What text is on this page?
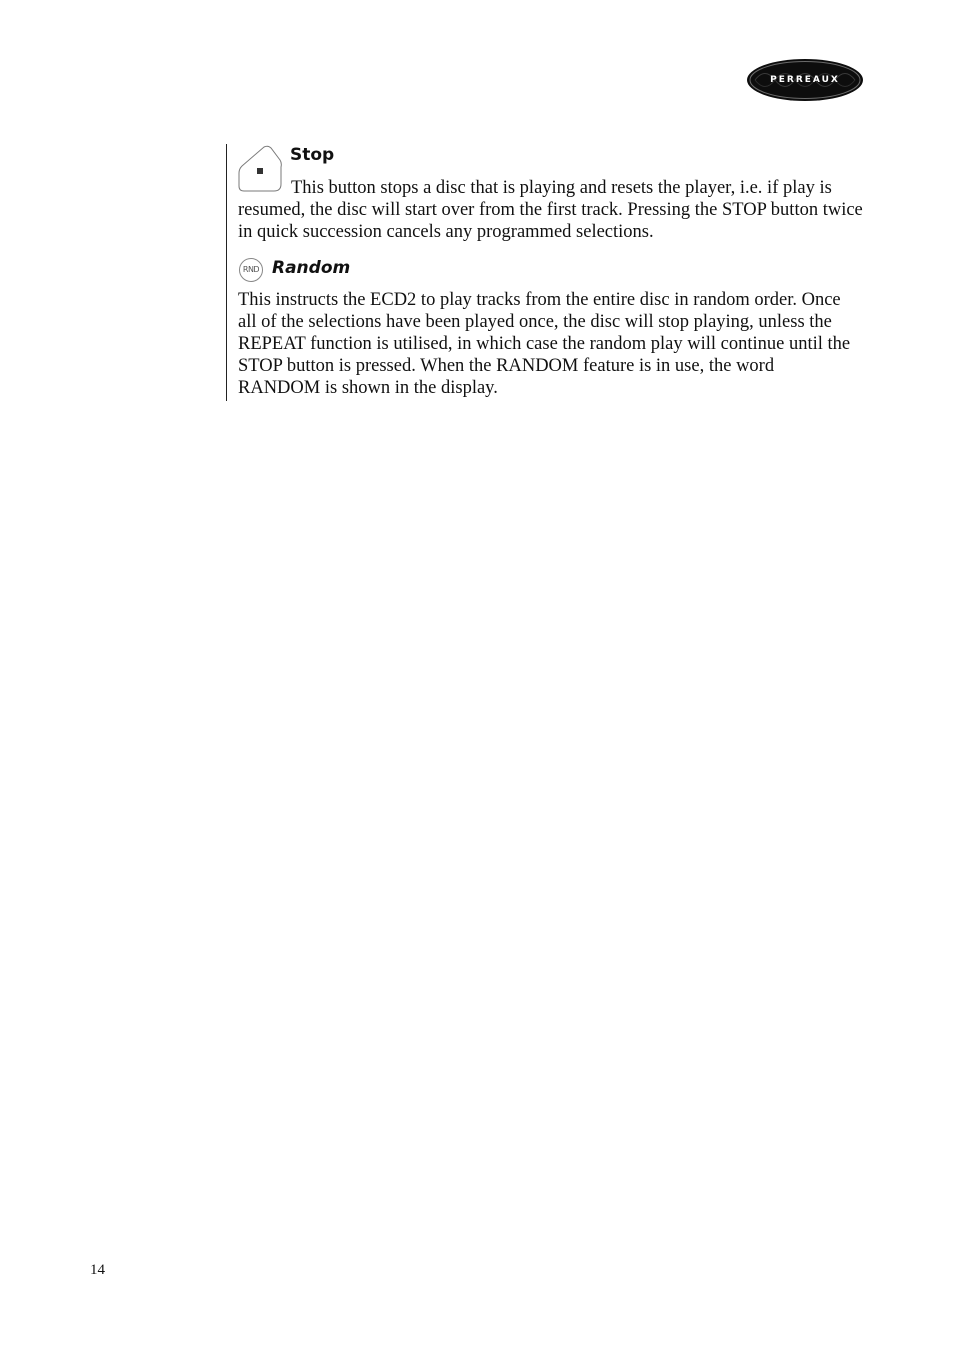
PERREAUX
Stop

This button stops a disc that is playing and resets the player, i.e. if play is resumed, the disc will start over from the first track. Pressing the STOP button twice in quick succession cancels any programmed selections.

RND Random

This instructs the ECD2 to play tracks from the entire disc in random order. Once all of the selections have been played once, the disc will stop playing, unless the REPEAT function is utilised, in which case the random play will continue until the STOP button is pressed. When the RANDOM feature is in use, the word RANDOM is shown in the display.

14
